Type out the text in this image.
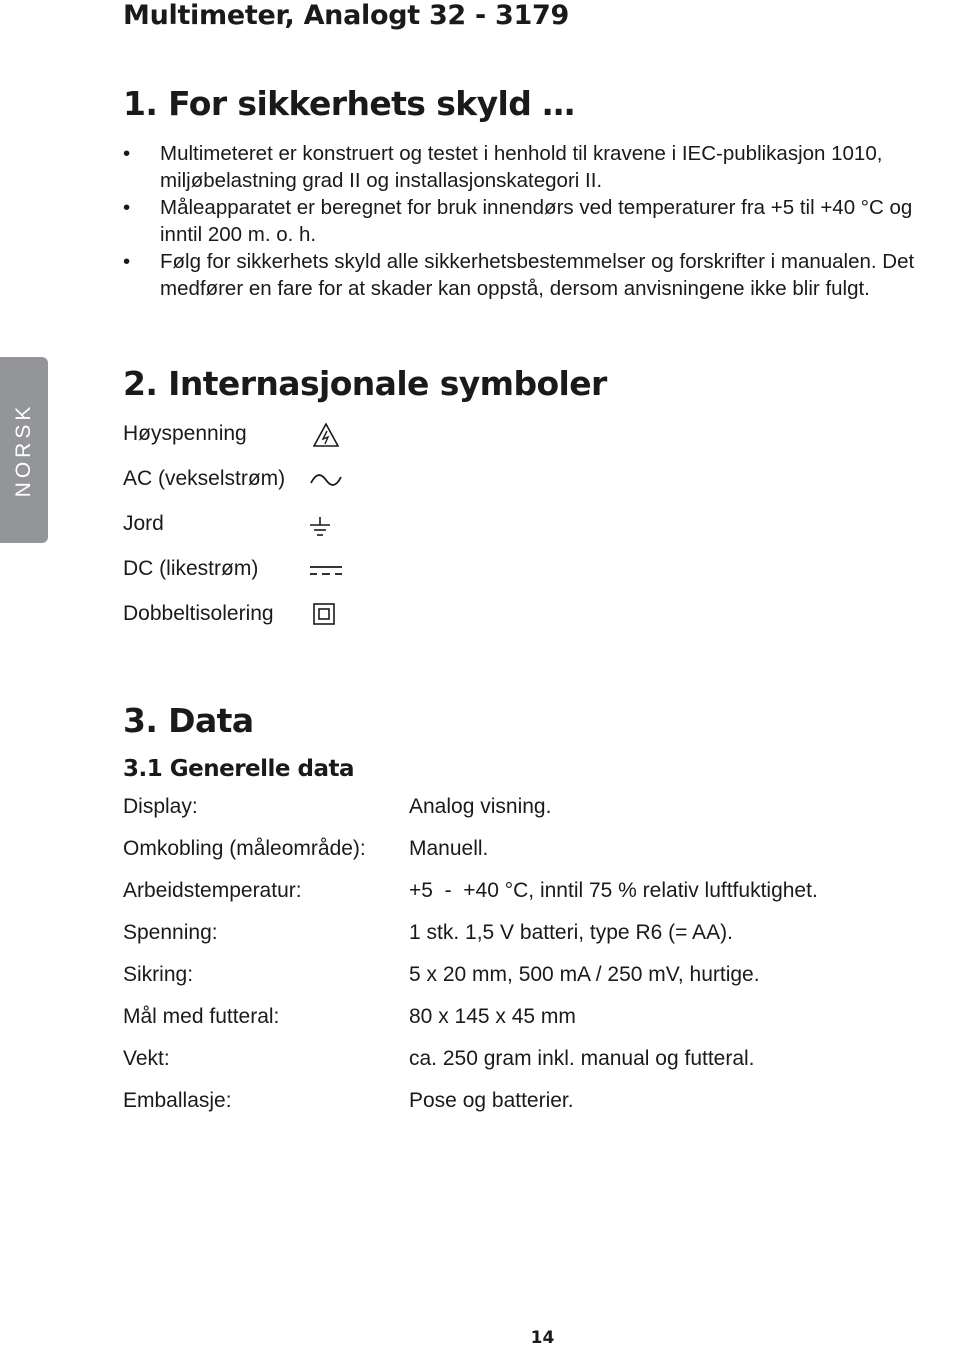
Multimeter, Analogt 32 - 3179
NORSK
1. For sikkerhets skyld …
• Multimeteret er konstruert og testet i henhold til kravene i IEC-publikasjon 1010, miljøbelastning grad II og installasjonskategori II.
• Måleapparatet er beregnet for bruk innendørs ved temperaturer fra +5 til +40 °C og inntil 200 m. o. h.
• Følg for sikkerhets skyld alle sikkerhetsbestemmelser og forskrifter i manualen. Det medfører en fare for at skader kan oppstå, dersom anvisningene ikke blir fulgt.
2. Internasjonale symboler
Høyspenning
AC (vekselstrøm)
Jord
DC (likestrøm)
Dobbeltisolering
3. Data
3.1 Generelle data
Display:	Analog visning.
Omkobling (måleområde): Manuell.
Arbeidstemperatur:	+5  -  +40 °C, inntil 75 % relativ luftfuktighet.
Spenning:	1 stk. 1,5 V batteri, type R6 (= AA).
Sikring:	5 x 20 mm, 500 mA / 250 mV, hurtige.
Mål med futteral:	80 x 145 x 45 mm
Vekt:	ca. 250 gram inkl. manual og futteral.
Emballasje:	Pose og batterier.
14
